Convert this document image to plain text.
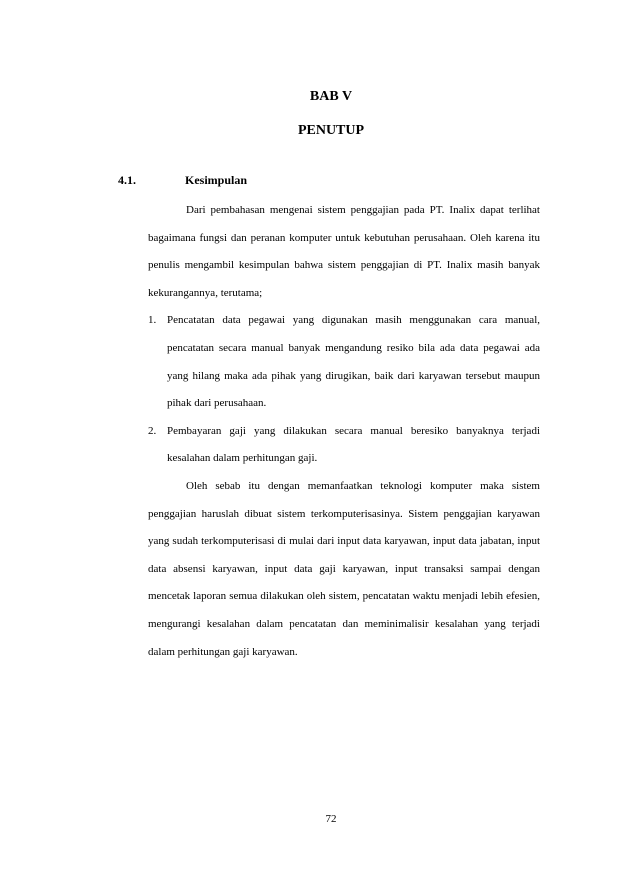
BAB V
PENUTUP
4.1.	Kesimpulan

Dari pembahasan mengenai sistem penggajian pada PT. Inalix dapat terlihat bagaimana fungsi dan peranan komputer untuk kebutuhan perusahaan. Oleh karena itu penulis mengambil kesimpulan bahwa sistem penggajian di PT. Inalix masih banyak kekurangannya, terutama;

1. Pencatatan data pegawai yang digunakan masih menggunakan cara manual, pencatatan secara manual banyak mengandung resiko bila ada data pegawai ada yang hilang maka ada pihak yang dirugikan, baik dari karyawan tersebut maupun pihak dari perusahaan.
2. Pembayaran gaji yang dilakukan secara manual beresiko banyaknya terjadi kesalahan dalam perhitungan gaji.

Oleh sebab itu dengan memanfaatkan teknologi komputer maka sistem penggajian haruslah dibuat sistem terkomputerisasinya. Sistem penggajian karyawan yang sudah terkomputerisasi di mulai dari input data karyawan, input data jabatan, input data absensi karyawan, input data gaji karyawan, input transaksi sampai dengan mencetak laporan semua dilakukan oleh sistem, pencatatan waktu menjadi lebih efesien, mengurangi kesalahan dalam pencatatan dan meminimalisir kesalahan yang terjadi dalam perhitungan gaji karyawan.

72
